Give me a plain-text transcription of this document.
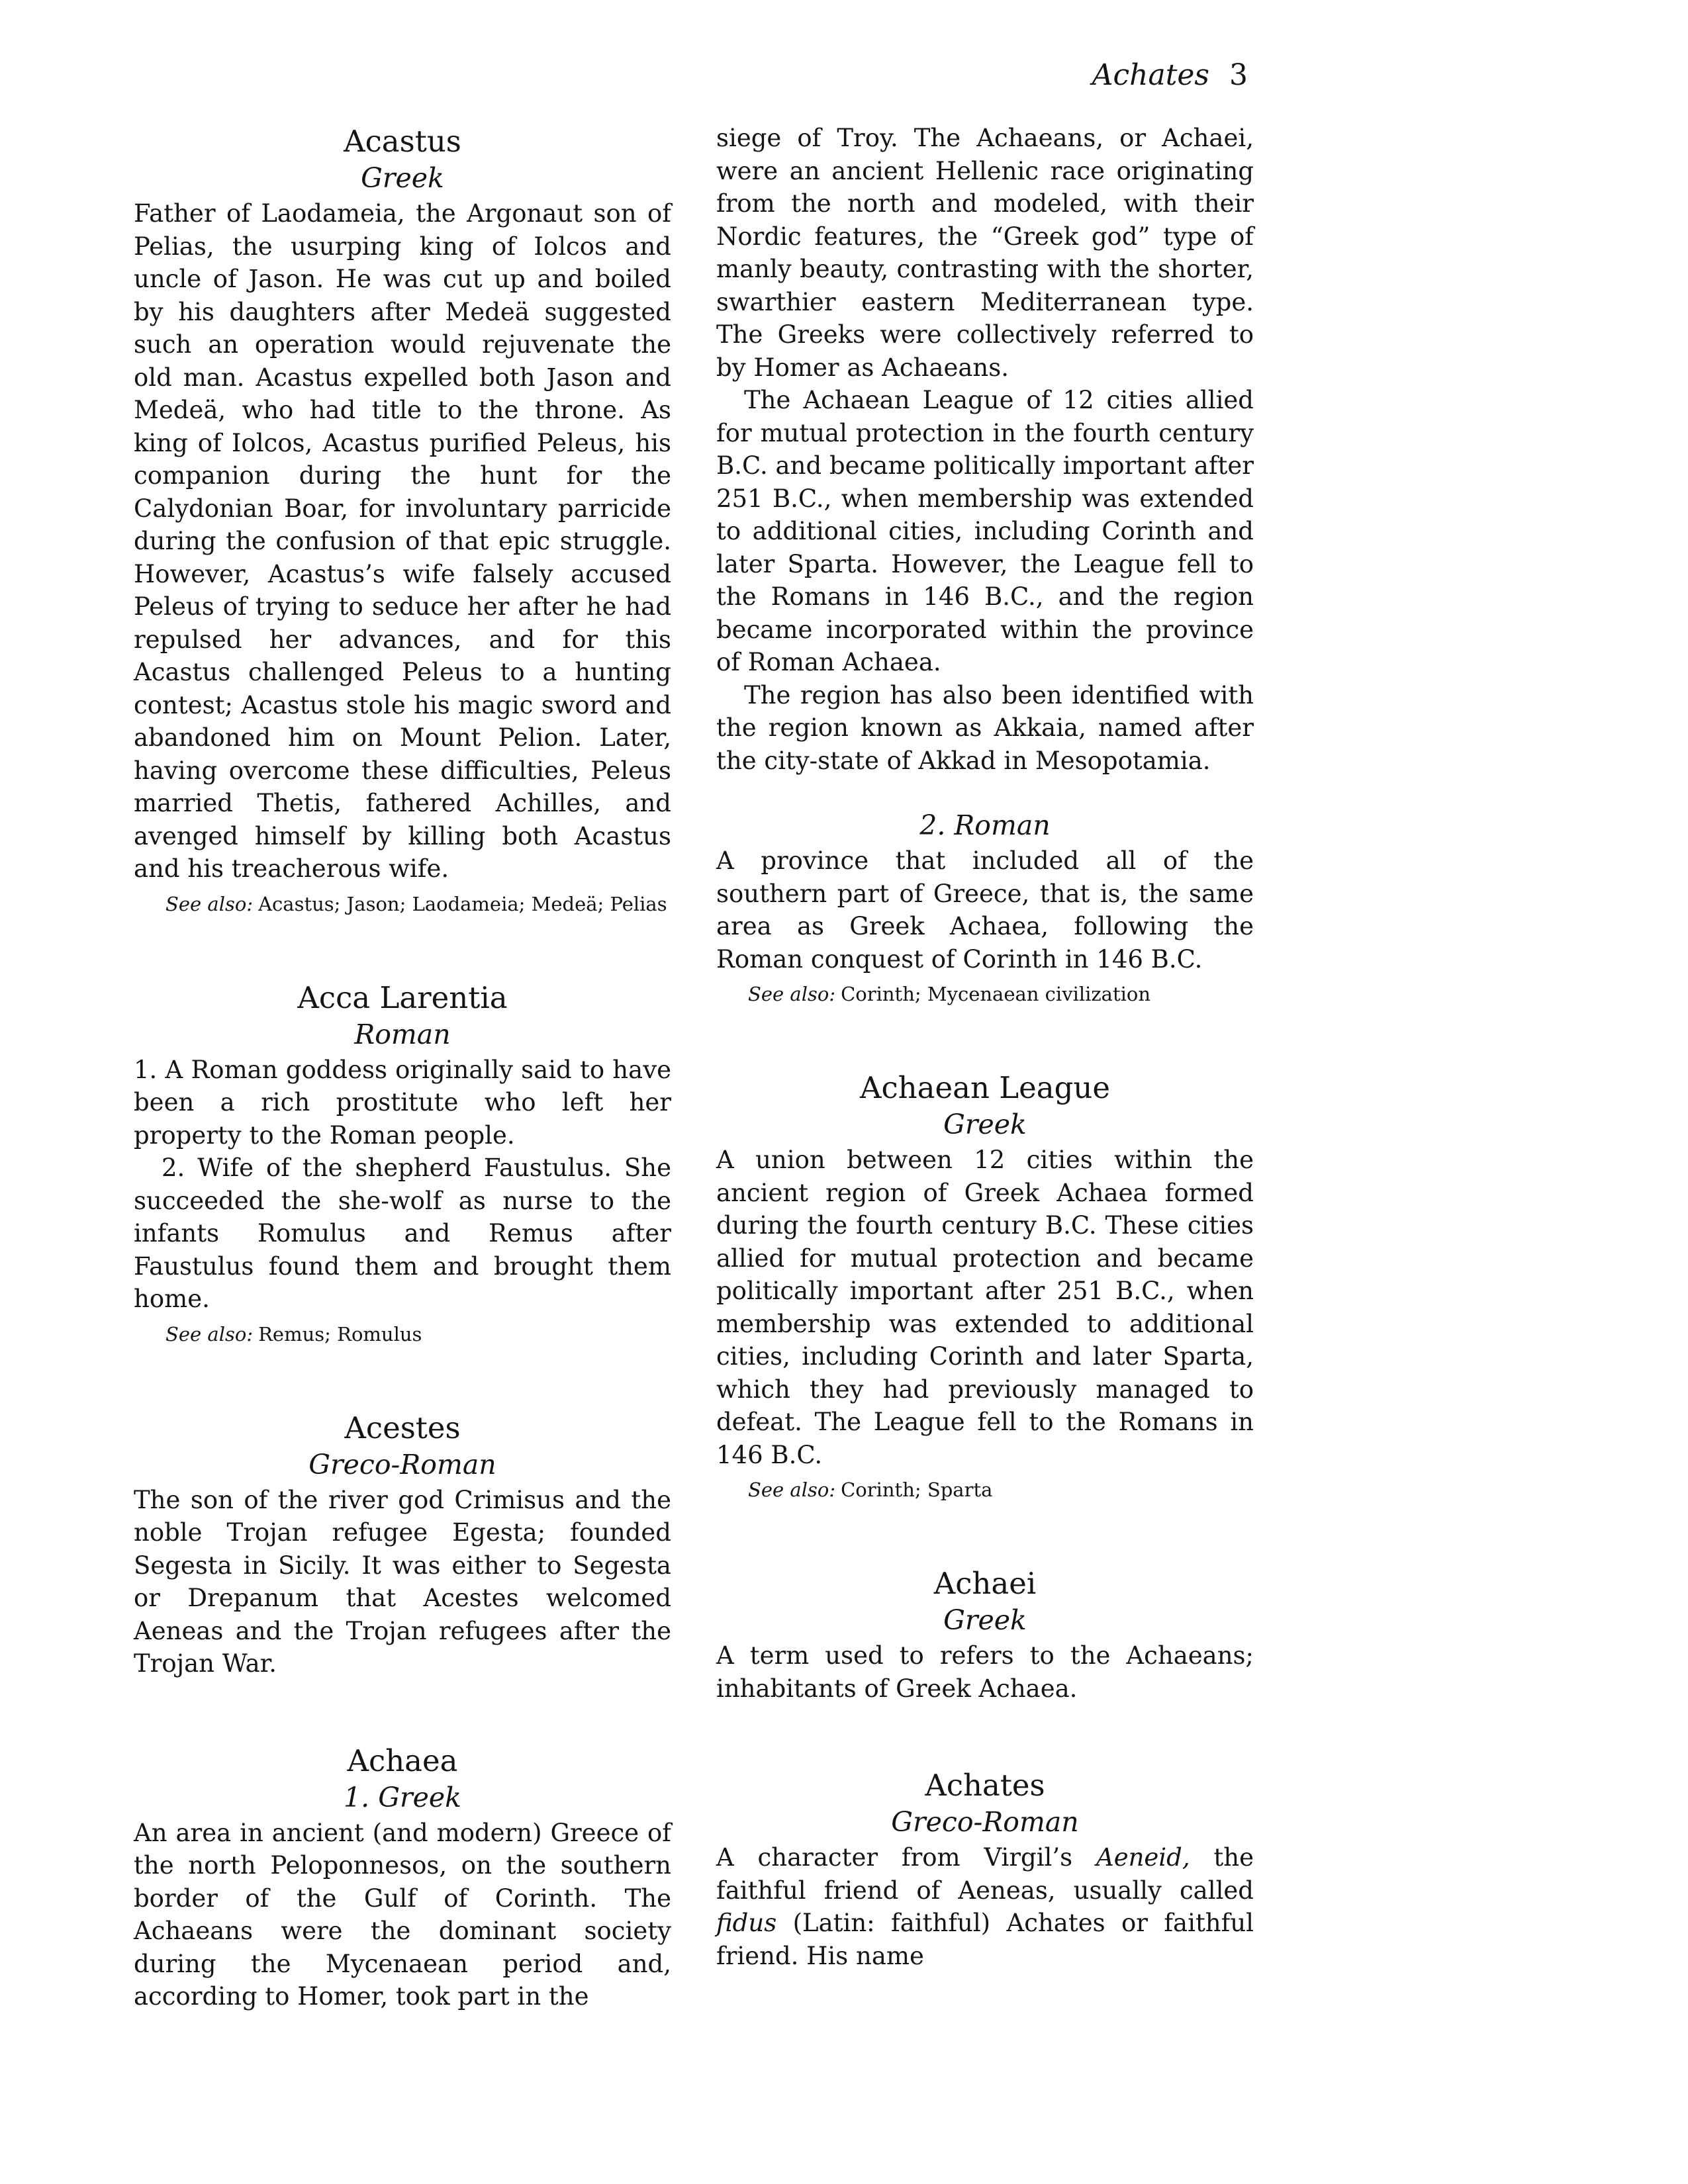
Achates 3
Acastus
Greek

Father of Laodameia, the Argonaut son of Pelias, the usurping king of Iolcos and uncle of Jason. He was cut up and boiled by his daughters after Medeä suggested such an operation would rejuvenate the old man. Acastus expelled both Jason and Medeä, who had title to the throne. As king of Iolcos, Acastus purified Peleus, his companion during the hunt for the Calydonian Boar, for involuntary parricide during the confusion of that epic struggle. However, Acastus’s wife falsely accused Peleus of trying to seduce her after he had repulsed her advances, and for this Acastus challenged Peleus to a hunting contest; Acastus stole his magic sword and abandoned him on Mount Pelion. Later, having overcome these difficulties, Peleus married Thetis, fathered Achilles, and avenged himself by killing both Acastus and his treacherous wife.

See also: Acastus; Jason; Laodameia; Medeä; Pelias
Acca Larentia
Roman

1. A Roman goddess originally said to have been a rich prostitute who left her property to the Roman people.

2. Wife of the shepherd Faustulus. She succeeded the she-wolf as nurse to the infants Romulus and Remus after Faustulus found them and brought them home.

See also: Remus; Romulus
Acestes
Greco-Roman

The son of the river god Crimisus and the noble Trojan refugee Egesta; founded Segesta in Sicily. It was either to Segesta or Drepanum that Acestes welcomed Aeneas and the Trojan refugees after the Trojan War.

Achaea
1. Greek

An area in ancient (and modern) Greece of the north Peloponnesos, on the southern border of the Gulf of Corinth. The Achaeans were the dominant society during the Mycenaean period and, according to Homer, took part in the

siege of Troy. The Achaeans, or Achaei, were an ancient Hellenic race originating from the north and modeled, with their Nordic features, the “Greek god” type of manly beauty, contrasting with the shorter, swarthier eastern Mediterranean type. The Greeks were collectively referred to by Homer as Achaeans.

The Achaean League of 12 cities allied for mutual protection in the fourth century B.C. and became politically important after 251 B.C., when membership was extended to additional cities, including Corinth and later Sparta. However, the League fell to the Romans in 146 B.C., and the region became incorporated within the province of Roman Achaea.

The region has also been identified with the region known as Akkaia, named after the city-state of Akkad in Mesopotamia.

2. Roman

A province that included all of the southern part of Greece, that is, the same area as Greek Achaea, following the Roman conquest of Corinth in 146 B.C.

See also: Corinth; Mycenaean civilization
Achaean League
Greek

A union between 12 cities within the ancient region of Greek Achaea formed during the fourth century B.C. These cities allied for mutual protection and became politically important after 251 B.C., when membership was extended to additional cities, including Corinth and later Sparta, which they had previously managed to defeat. The League fell to the Romans in 146 B.C.

See also: Corinth; Sparta
Achaei
Greek

A term used to refers to the Achaeans; inhabitants of Greek Achaea.

Achates
Greco-Roman

A character from Virgil’s Aeneid, the faithful friend of Aeneas, usually called fidus (Latin: faithful) Achates or faithful friend. His name
